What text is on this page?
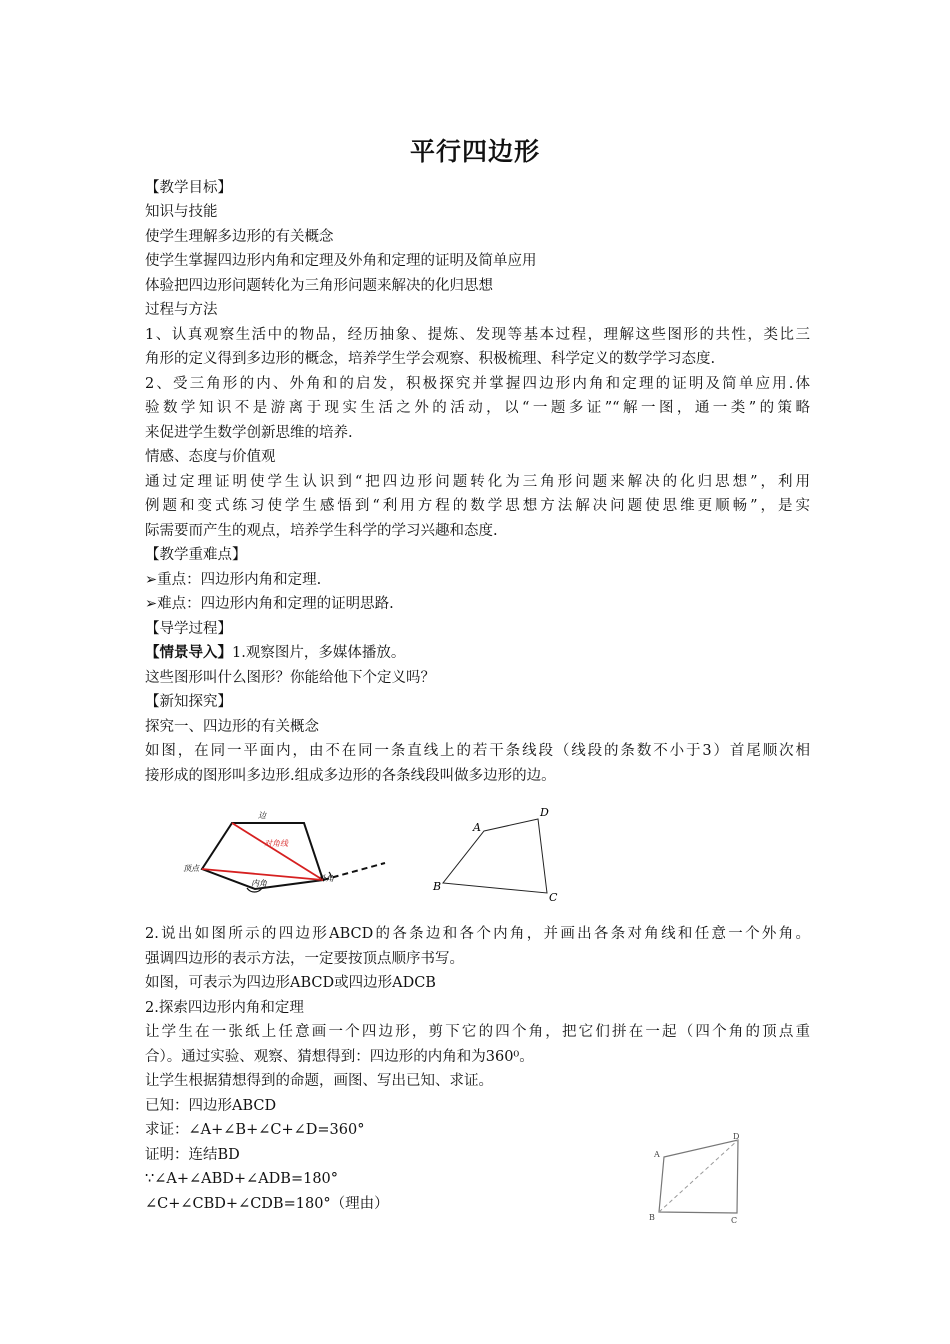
平行四边形
【教学目标】
知识与技能
使学生理解多边形的有关概念
使学生掌握四边形内角和定理及外角和定理的证明及简单应用
体验把四边形问题转化为三角形问题来解决的化归思想
过程与方法
1、认真观察生活中的物品，经历抽象、提炼、发现等基本过程，理解这些图形的共性，类比三
角形的定义得到多边形的概念，培养学生学会观察、积极梳理、科学定义的数学学习态度.
2、受三角形的内、外角和的启发，积极探究并掌握四边形内角和定理的证明及简单应用.体
验数学知识不是游离于现实生活之外的活动，以“一题多证”“解一图，通一类”的策略
来促进学生数学创新思维的培养.
情感、态度与价值观
通过定理证明使学生认识到“把四边形问题转化为三角形问题来解决的化归思想”，利用
例题和变式练习使学生感悟到“利用方程的数学思想方法解决问题使思维更顺畅”，是实
际需要而产生的观点，培养学生科学的学习兴趣和态度.
【教学重难点】
➢重点：四边形内角和定理.
➢难点：四边形内角和定理的证明思路.
【导学过程】
【情景导入】1.观察图片，多媒体播放。
这些图形叫什么图形？你能给他下个定义吗？
【新知探究】
探究一、四边形的有关概念
如图，在同一平面内，由不在同一条直线上的若干条线段（线段的条数不小于3）首尾顺次相
接形成的图形叫多边形.组成多边形的各条线段叫做多边形的边。
边
对角线
顶点
内角
外角
A
D
C
B
2.说出如图所示的四边形ABCD的各条边和各个内角，并画出各条对角线和任意一个外角。
强调四边形的表示方法，一定要按顶点顺序书写。
如图，可表示为四边形ABCD或四边形ADCB
2.探索四边形内角和定理
让学生在一张纸上任意画一个四边形，剪下它的四个角，把它们拼在一起（四个角的顶点重
合）。通过实验、观察、猜想得到：四边形的内角和为360⁰。
让学生根据猜想得到的命题，画图、写出已知、求证。
已知：四边形ABCD
求证：∠A+∠B+∠C+∠D=360°
证明：连结BD
∵∠A+∠ABD+∠ADB=180°
∠C+∠CBD+∠CDB=180°（理由）
A
D
C
B
